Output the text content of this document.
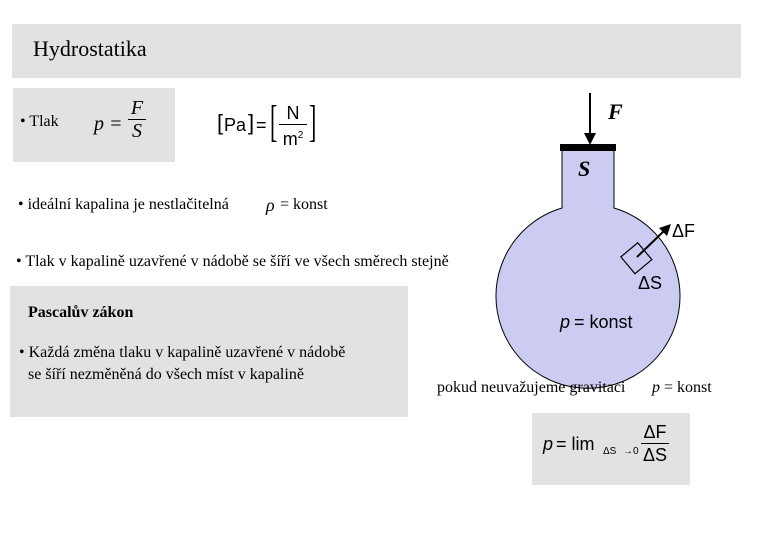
Hydrostatika
• Tlak p =
F
S	[ Pa ] = [ N
$m^2$ ]
• ideální kapalina je nestlačitelná ρ = konst
• Tlak v kapalině uzavřené v nádobě se šíří ve všech směrech stejně
Pascalův zákon
• Každá změna tlaku v kapalině uzavřené v nádobě
se šíří nezměněná do všech míst v kapalině
F
S
ΔF
ΔS
p = konst
pokud neuvažujeme gravitaci p = konst
p = lim ΔS →0
ΔF
ΔS
